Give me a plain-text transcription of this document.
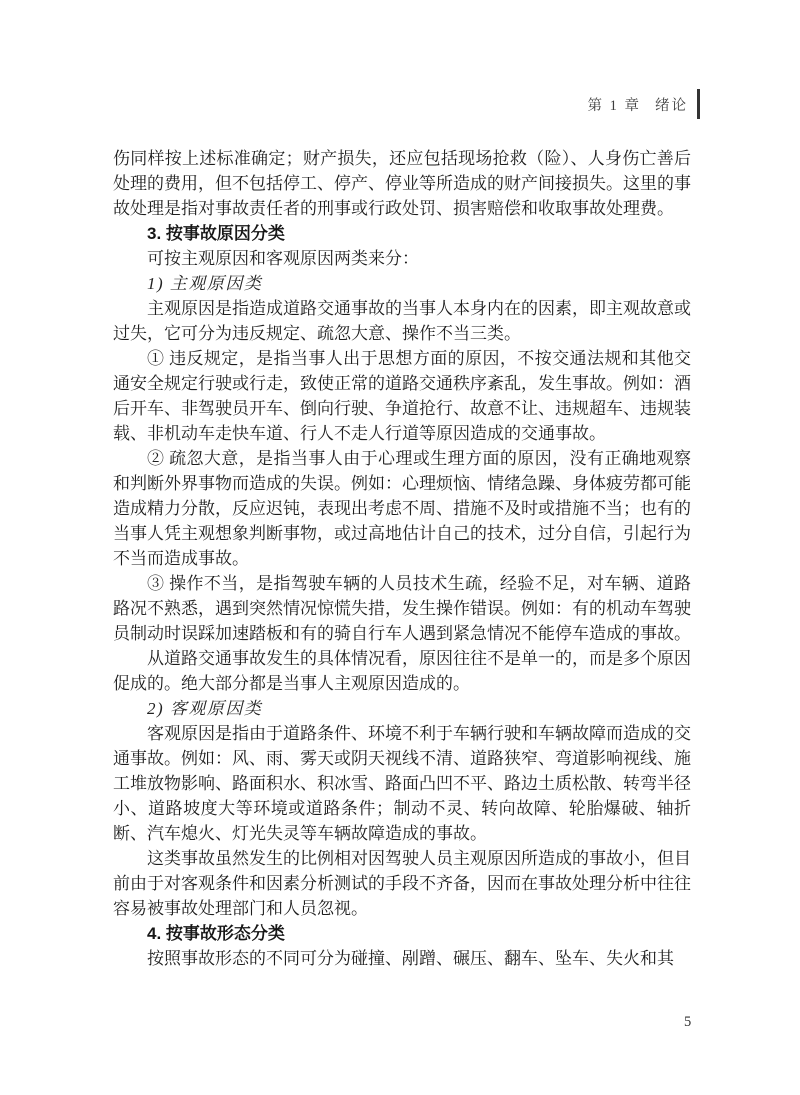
第 1 章 绪论

伤同样按上述标准确定；财产损失，还应包括现场抢救（险）、人身伤亡善后处理的费用，但不包括停工、停产、停业等所造成的财产间接损失。这里的事故处理是指对事故责任者的刑事或行政处罚、损害赔偿和收取事故处理费。

3. 按事故原因分类

可按主观原因和客观原因两类来分：

1) 主观原因类

主观原因是指造成道路交通事故的当事人本身内在的因素，即主观故意或过失，它可分为违反规定、疏忽大意、操作不当三类。

① 违反规定，是指当事人出于思想方面的原因，不按交通法规和其他交通安全规定行驶或行走，致使正常的道路交通秩序紊乱，发生事故。例如：酒后开车、非驾驶员开车、倒向行驶、争道抢行、故意不让、违规超车、违规装载、非机动车走快车道、行人不走人行道等原因造成的交通事故。

② 疏忽大意，是指当事人由于心理或生理方面的原因，没有正确地观察和判断外界事物而造成的失误。例如：心理烦恼、情绪急躁、身体疲劳都可能造成精力分散，反应迟钝，表现出考虑不周、措施不及时或措施不当；也有的当事人凭主观想象判断事物，或过高地估计自己的技术，过分自信，引起行为不当而造成事故。

③ 操作不当，是指驾驶车辆的人员技术生疏，经验不足，对车辆、道路路况不熟悉，遇到突然情况惊慌失措，发生操作错误。例如：有的机动车驾驶员制动时误踩加速踏板和有的骑自行车人遇到紧急情况不能停车造成的事故。

从道路交通事故发生的具体情况看，原因往往不是单一的，而是多个原因促成的。绝大部分都是当事人主观原因造成的。

2) 客观原因类

客观原因是指由于道路条件、环境不利于车辆行驶和车辆故障而造成的交通事故。例如：风、雨、雾天或阴天视线不清、道路狭窄、弯道影响视线、施工堆放物影响、路面积水、积冰雪、路面凸凹不平、路边土质松散、转弯半径小、道路坡度大等环境或道路条件；制动不灵、转向故障、轮胎爆破、轴折断、汽车熄火、灯光失灵等车辆故障造成的事故。

这类事故虽然发生的比例相对因驾驶人员主观原因所造成的事故小，但目前由于对客观条件和因素分析测试的手段不齐备，因而在事故处理分析中往往容易被事故处理部门和人员忽视。

4. 按事故形态分类

按照事故形态的不同可分为碰撞、剐蹭、碾压、翻车、坠车、失火和其

5
